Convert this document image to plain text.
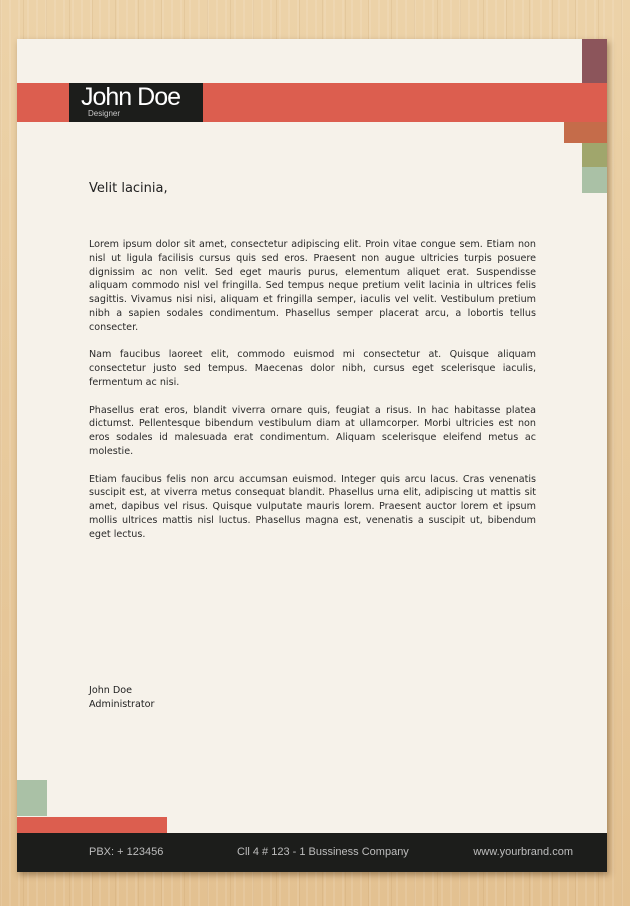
John Doe
Designer
Velit lacinia,

Lorem ipsum dolor sit amet, consectetur adipiscing elit. Proin vitae congue sem. Etiam non nisl ut ligula facilisis cursus quis sed eros. Praesent non augue ultricies turpis posuere dignissim ac non velit. Sed eget mauris purus, elementum aliquet erat. Suspendisse aliquam commodo nisl vel fringilla. Sed tempus neque pretium velit lacinia in ultrices felis sagittis. Vivamus nisi nisi, aliquam et fringilla semper, iaculis vel velit. Vestibulum pretium nibh a sapien sodales condimentum. Phasellus semper placerat arcu, a lobortis tellus consecter.

Nam faucibus laoreet elit, commodo euismod mi consectetur at. Quisque aliquam consectetur justo sed tempus. Maecenas dolor nibh, cursus eget scelerisque iaculis, fermentum ac nisi.

Phasellus erat eros, blandit viverra ornare quis, feugiat a risus. In hac habitasse platea dictumst. Pellentesque bibendum vestibulum diam at ullamcorper. Morbi ultricies est non eros sodales id malesuada erat condimentum. Aliquam scelerisque eleifend metus ac molestie.

Etiam faucibus felis non arcu accumsan euismod. Integer quis arcu lacus. Cras venenatis suscipit est, at viverra metus consequat blandit. Phasellus urna elit, adipiscing ut mattis sit amet, dapibus vel risus. Quisque vulputate mauris lorem. Praesent auctor lorem et ipsum mollis ultrices mattis nisl luctus. Phasellus magna est, venenatis a suscipit ut, bibendum eget lectus.

John Doe
Administrator
PBX: + 123456	Cll 4 # 123 - 1 Bussiness Company	www.yourbrand.com
